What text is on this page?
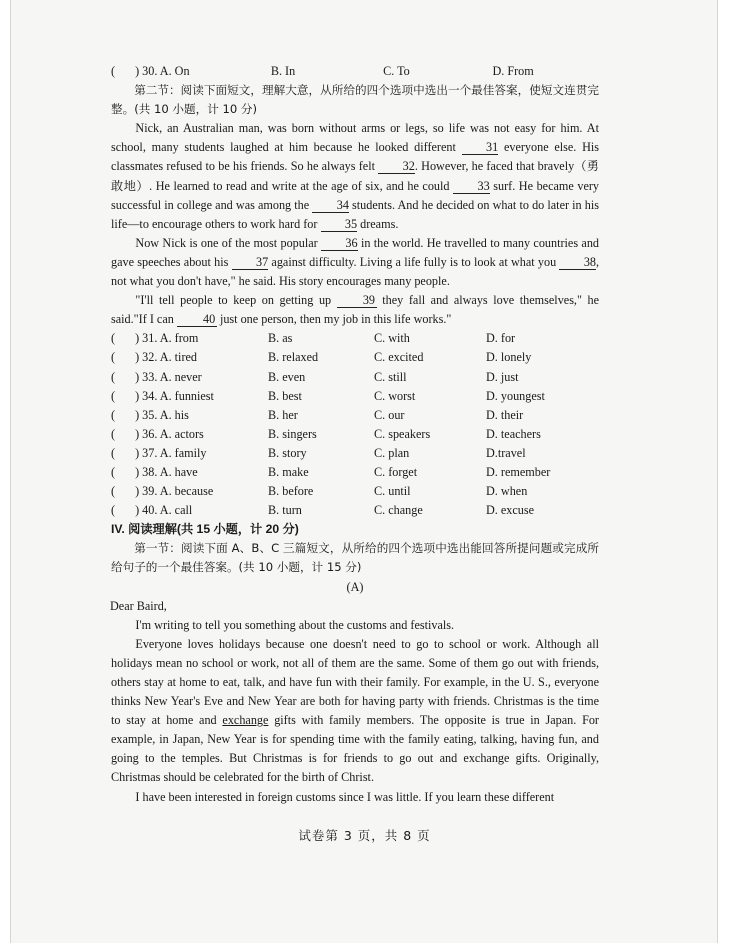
( ) 30. A. On	B. In	C. To	D. From

第二节：阅读下面短文，理解大意，从所给的四个选项中选出一个最佳答案，使短文连贯完整。(共 10 小题，计 10 分)

Nick, an Australian man, was born without arms or legs, so life was not easy for him. At school, many students laughed at him because he looked different 31 everyone else. His classmates refused to be his friends. So he always felt 32. However, he faced that bravely（勇敢地）. He learned to read and write at the age of six, and he could 33 surf. He became very successful in college and was among the 34 students. And he decided on what to do later in his life—to encourage others to work hard for 35 dreams.

Now Nick is one of the most popular 36 in the world. He travelled to many countries and gave speeches about his 37 against difficulty. Living a life fully is to look at what you 38, not what you don't have," he said. His story encourages many people.

"I'll tell people to keep on getting up	39 they fall and always love themselves," he said."If I can 40 just one person, then my job in this life works."

( ) 31. A. from	B. as	C. with	D. for
( ) 32. A. tired	B. relaxed	C. excited	D. lonely
( ) 33. A. never	B. even	C. still	D. just
( ) 34. A. funniest	B. best	C. worst	D. youngest
( ) 35. A. his	B. her	C. our	D. their
( ) 36. A. actors	B. singers	C. speakers	D. teachers
( ) 37. A. family	B. story	C. plan	D.travel
( ) 38. A. have	B. make	C. forget	D. remember
( ) 39. A. because	B. before	C. until	D. when
( ) 40. A. call	B. turn	C. change	D. excuse

IV. 阅读理解(共 15 小题，计 20 分)

第一节：阅读下面 A、B、C 三篇短文，从所给的四个选项中选出能回答所提问题或完成所给句子的一个最佳答案。(共 10 小题，计 15 分)

(A)

Dear Baird,

I'm writing to tell you something about the customs and festivals.

Everyone loves holidays because one doesn't need to go to school or work. Although all holidays mean no school or work, not all of them are the same. Some of them go out with friends, others stay at home to eat, talk, and have fun with their family. For example, in the U. S., everyone thinks New Year's Eve and New Year are both for having party with friends. Christmas is the time to stay at home and exchange gifts with family members. The opposite is true in Japan. For example, in Japan, New Year is for spending time with the family eating, talking, having fun, and going to the temples. But Christmas is for friends to go out and exchange gifts. Originally, Christmas should be celebrated for the birth of Christ.

I have been interested in foreign customs since I was little. If you learn these different

试卷第 3 页，共 8 页
